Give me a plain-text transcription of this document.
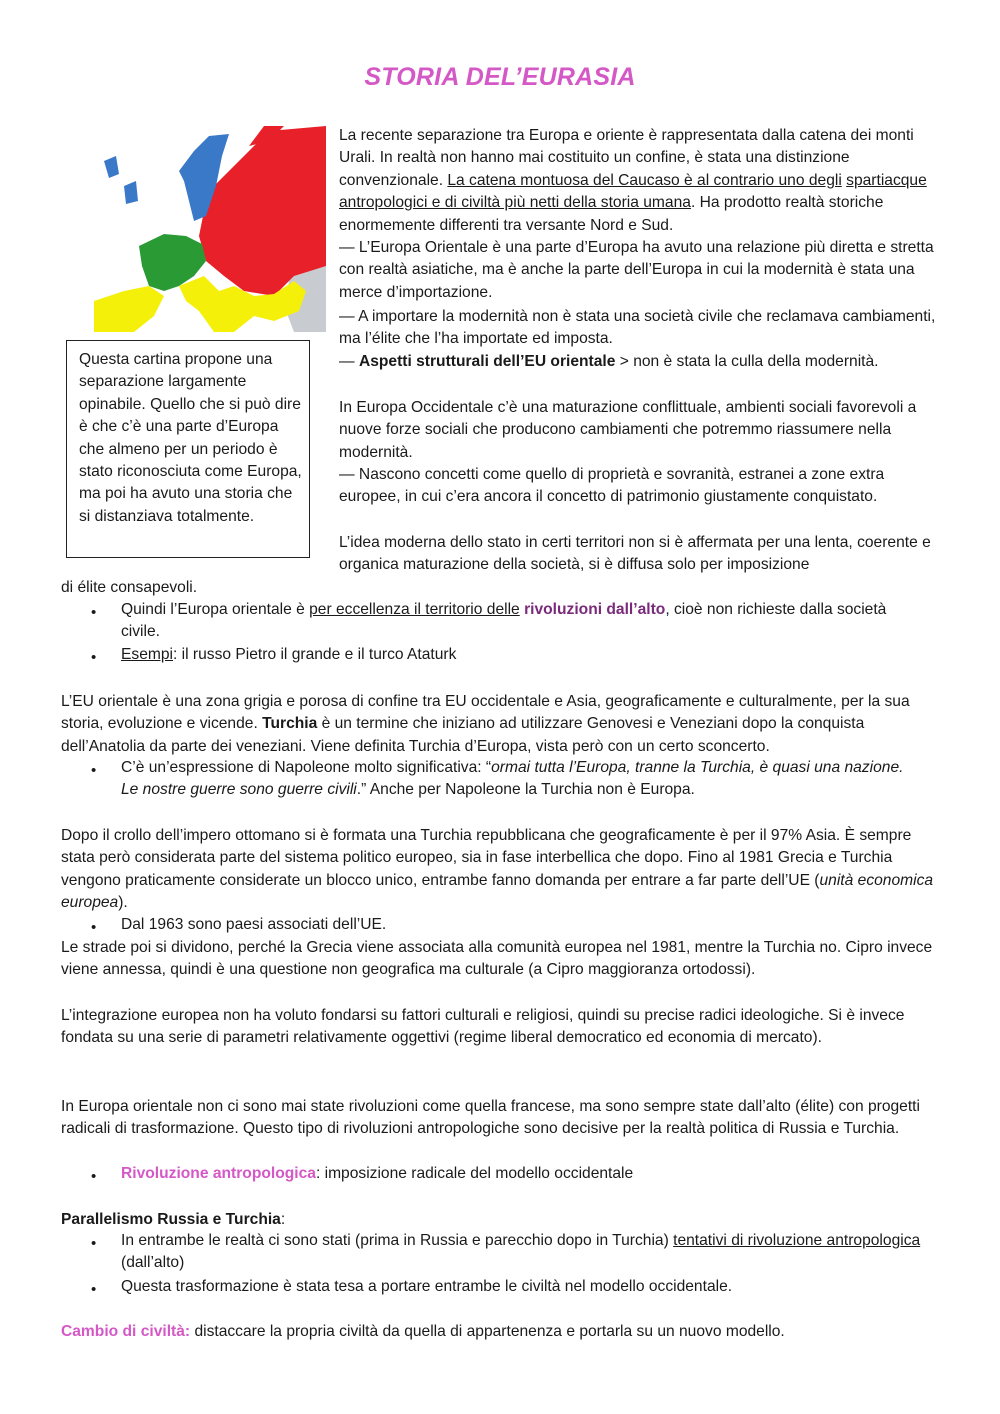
STORIA DEL’EURASIA
Questa cartina propone una separazione largamente opinabile. Quello che si può dire è che c’è una parte d’Europa che almeno per un periodo è stato riconosciuta come Europa, ma poi ha avuto una storia che si distanziava totalmente.

La recente separazione tra Europa e oriente è rappresentata dalla catena dei monti Urali. In realtà non hanno mai costituito un confine, è stata una distinzione convenzionale. La catena montuosa del Caucaso è al contrario uno degli spartiacque antropologici e di civiltà più netti della storia umana. Ha prodotto realtà storiche enormemente differenti tra versante Nord e Sud.

— L’Europa Orientale è una parte d’Europa ha avuto una relazione più diretta e stretta con realtà asiatiche, ma è anche la parte dell’Europa in cui la modernità è stata una merce d’importazione.

— A importare la modernità non è stata una società civile che reclamava cambiamenti, ma l’élite che l’ha importate ed imposta.

— Aspetti strutturali dell’EU orientale > non è stata la culla della modernità.

In Europa Occidentale c’è una maturazione conflittuale, ambienti sociali favorevoli a nuove forze sociali che producono cambiamenti che potremmo riassumere nella modernità.

— Nascono concetti come quello di proprietà e sovranità, estranei a zone extra europee, in cui c’era ancora il concetto di patrimonio giustamente conquistato.

L’idea moderna dello stato in certi territori non si è affermata per una lenta, coerente e organica maturazione della società, si è diffusa solo per imposizione

di élite consapevoli.

• Quindi l’Europa orientale è per eccellenza il territorio delle rivoluzioni dall’alto, cioè non richieste dalla società civile.

• Esempi: il russo Pietro il grande e il turco Ataturk

L’EU orientale è una zona grigia e porosa di confine tra EU occidentale e Asia, geograficamente e culturalmente, per la sua storia, evoluzione e vicende. Turchia è un termine che iniziano ad utilizzare Genovesi e Veneziani dopo la conquista dell’Anatolia da parte dei veneziani. Viene definita Turchia d’Europa, vista però con un certo sconcerto.

• C’è un’espressione di Napoleone molto significativa: “ormai tutta l’Europa, tranne la Turchia, è quasi una nazione. Le nostre guerre sono guerre civili.” Anche per Napoleone la Turchia non è Europa.

Dopo il crollo dell’impero ottomano si è formata una Turchia repubblicana che geograficamente è per il 97% Asia. È sempre stata però considerata parte del sistema politico europeo, sia in fase interbellica che dopo. Fino al 1981 Grecia e Turchia vengono praticamente considerate un blocco unico, entrambe fanno domanda per entrare a far parte dell’UE (unità economica europea).

• Dal 1963 sono paesi associati dell’UE.

Le strade poi si dividono, perché la Grecia viene associata alla comunità europea nel 1981, mentre la Turchia no. Cipro invece viene annessa, quindi è una questione non geografica ma culturale (a Cipro maggioranza ortodossi).

L’integrazione europea non ha voluto fondarsi su fattori culturali e religiosi, quindi su precise radici ideologiche. Si è invece fondata su una serie di parametri relativamente oggettivi (regime liberal democratico ed economia di mercato).

In Europa orientale non ci sono mai state rivoluzioni come quella francese, ma sono sempre state dall’alto (élite) con progetti radicali di trasformazione. Questo tipo di rivoluzioni antropologiche sono decisive per la realtà politica di Russia e Turchia.

• Rivoluzione antropologica: imposizione radicale del modello occidentale

Parallelismo Russia e Turchia:

• In entrambe le realtà ci sono stati (prima in Russia e parecchio dopo in Turchia) tentativi di rivoluzione antropologica (dall’alto)

• Questa trasformazione è stata tesa a portare entrambe le civiltà nel modello occidentale.

Cambio di civiltà: distaccare la propria civiltà da quella di appartenenza e portarla su un nuovo modello.
